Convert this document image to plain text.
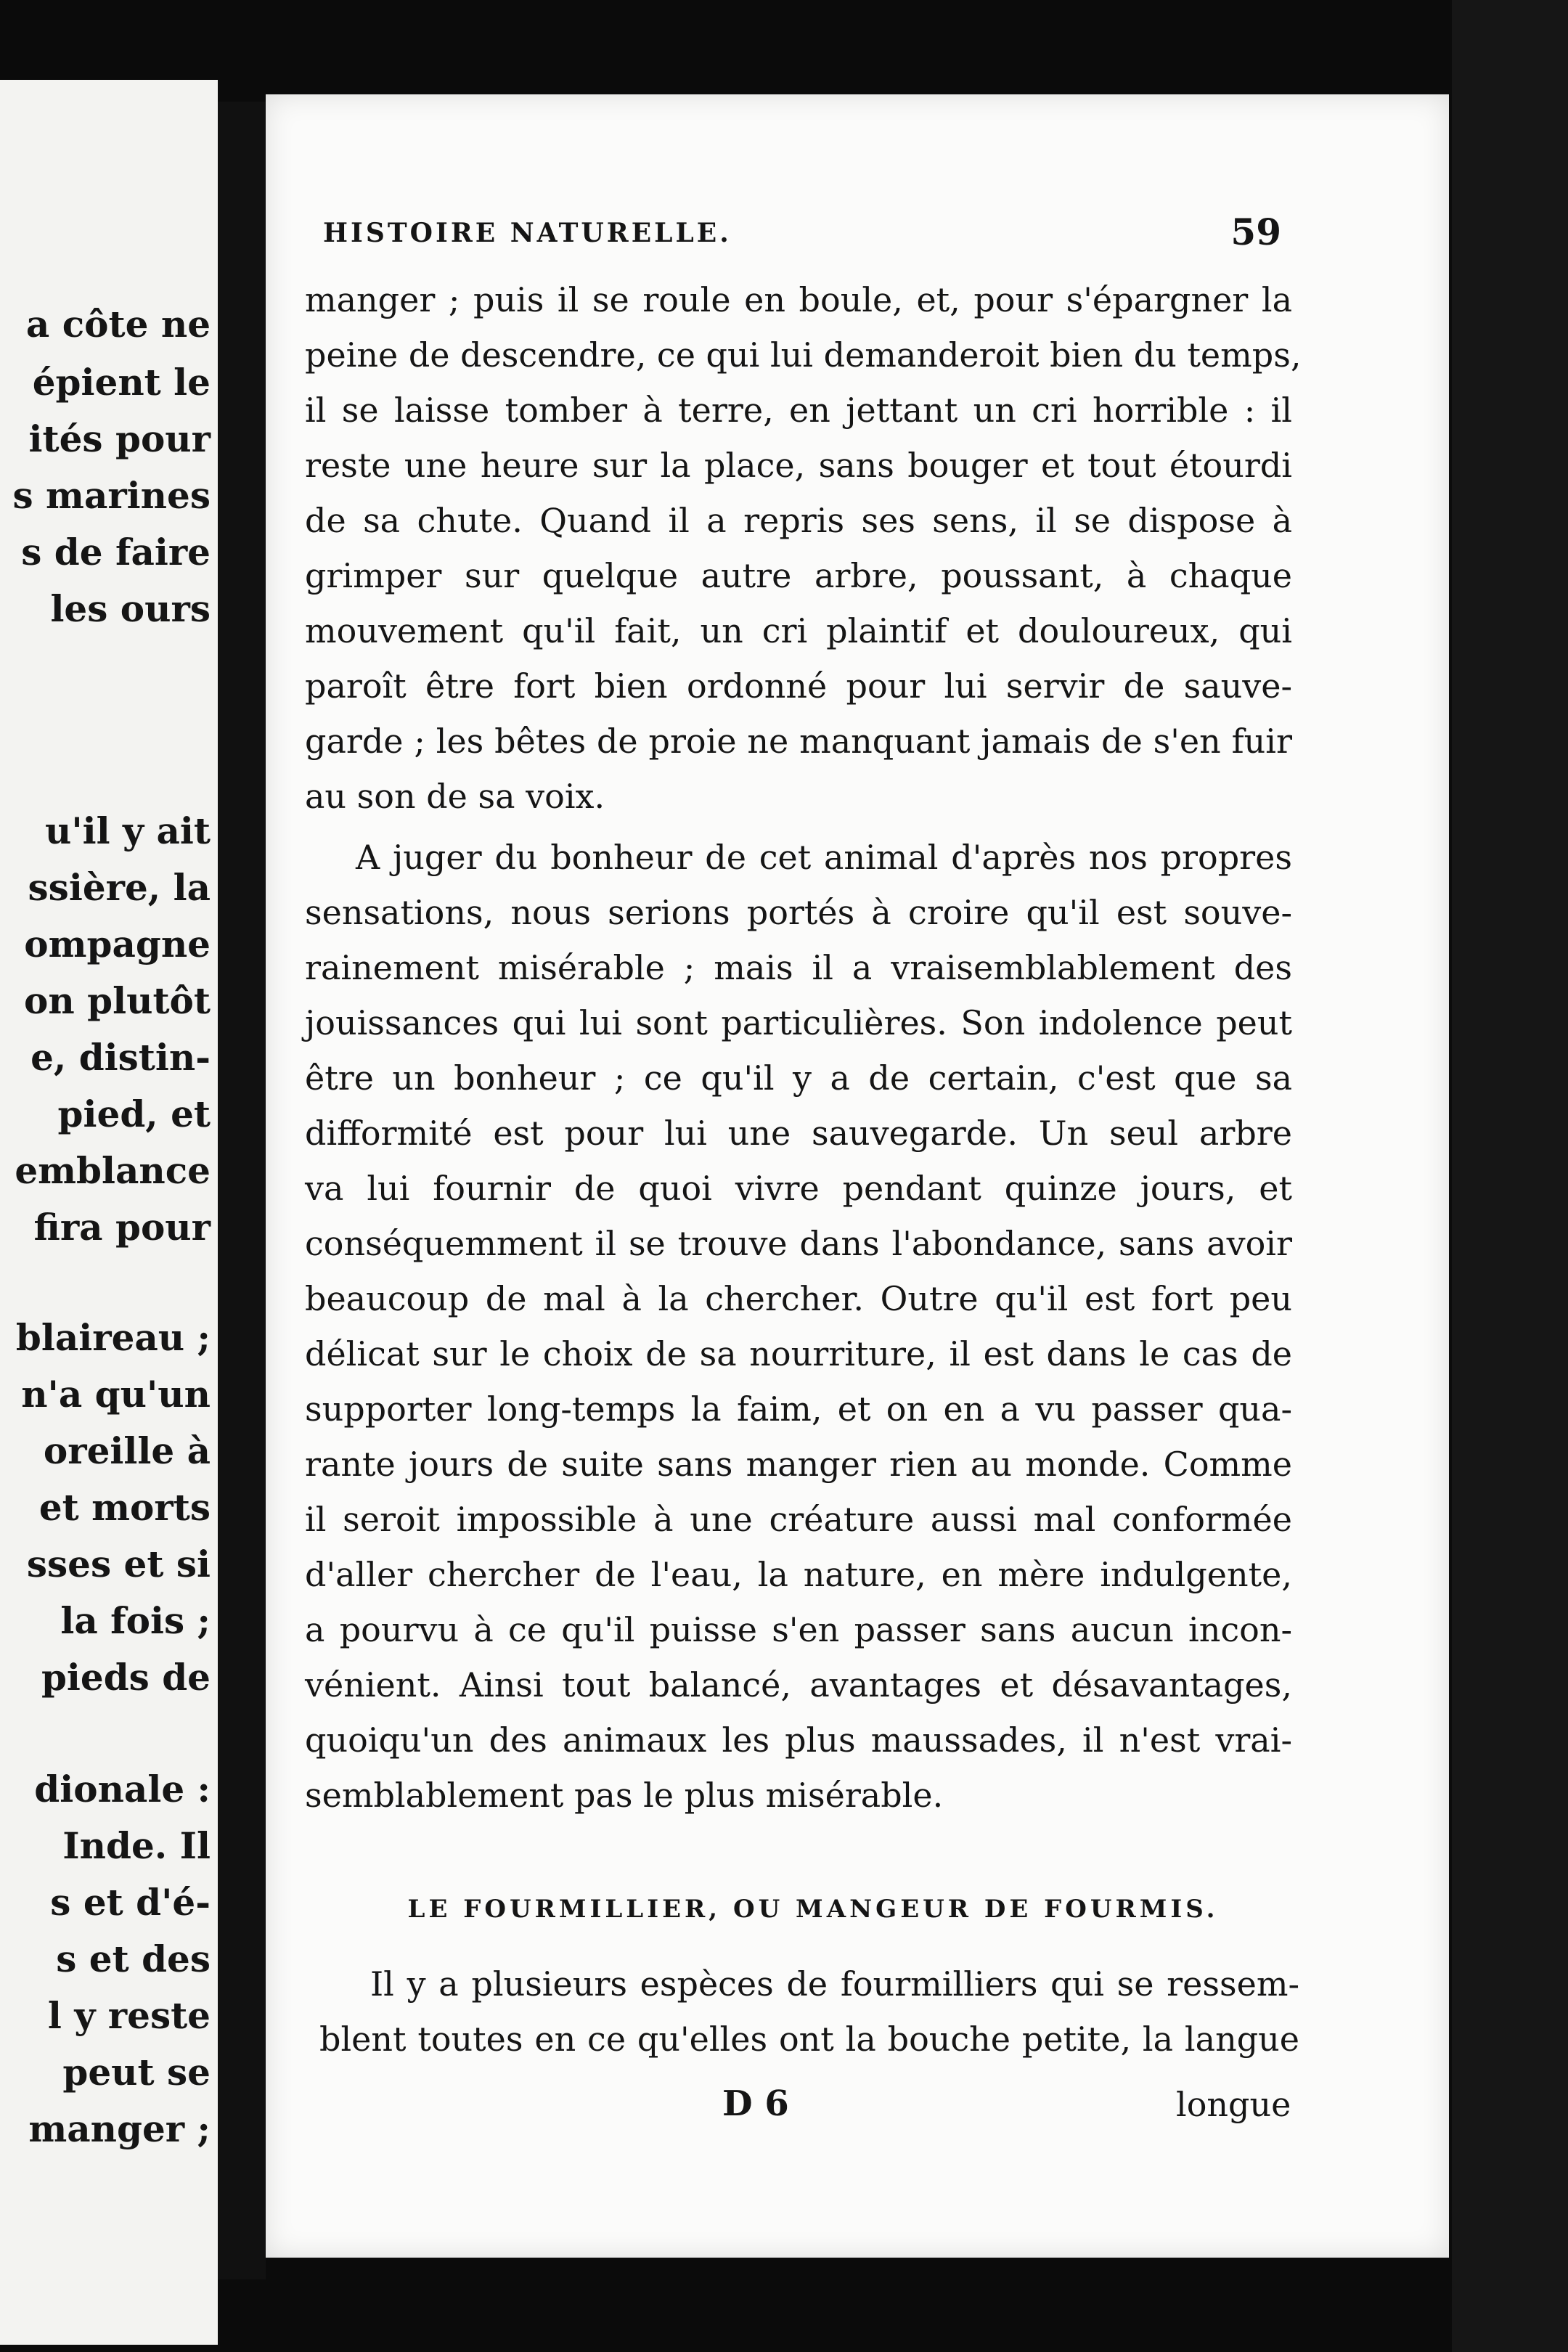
a côte ne
épient le
ités pour
s marines
s de faire
les ours
u'il y ait
ssière, la
ompagne
on plutôt
e, distin-
pied, et
emblance
fira pour
blaireau ;
n'a qu'un
oreille à
et morts
sses et si
la fois ;
pieds de
dionale :
Inde. Il
s et d'é-
s et des
l y reste
peut se
manger ;
HISTOIRE NATURELLE.	59
manger ; puis il se roule en boule, et, pour s'épargner la
peine de descendre, ce qui lui demanderoit bien du temps,
il se laisse tomber à terre, en jettant un cri horrible : il
reste une heure sur la place, sans bouger et tout étourdi
de sa chute. Quand il a repris ses sens, il se dispose à
grimper sur quelque autre arbre, poussant, à chaque
mouvement qu'il fait, un cri plaintif et douloureux, qui
paroît être fort bien ordonné pour lui servir de sauve-
garde ; les bêtes de proie ne manquant jamais de s'en fuir
au son de sa voix.
A juger du bonheur de cet animal d'après nos propres
sensations, nous serions portés à croire qu'il est souve-
rainement misérable ; mais il a vraisemblablement des
jouissances qui lui sont particulières. Son indolence peut
être un bonheur ; ce qu'il y a de certain, c'est que sa
difformité est pour lui une sauvegarde. Un seul arbre
va lui fournir de quoi vivre pendant quinze jours, et
conséquemment il se trouve dans l'abondance, sans avoir
beaucoup de mal à la chercher. Outre qu'il est fort peu
délicat sur le choix de sa nourriture, il est dans le cas de
supporter long-temps la faim, et on en a vu passer qua-
rante jours de suite sans manger rien au monde. Comme
il seroit impossible à une créature aussi mal conformée
d'aller chercher de l'eau, la nature, en mère indulgente,
a pourvu à ce qu'il puisse s'en passer sans aucun incon-
vénient. Ainsi tout balancé, avantages et désavantages,
quoiqu'un des animaux les plus maussades, il n'est vrai-
semblablement pas le plus misérable.
LE FOURMILLIER, OU MANGEUR DE FOURMIS.
Il y a plusieurs espèces de fourmilliers qui se ressem-
blent toutes en ce qu'elles ont la bouche petite, la langue
D 6	longue
